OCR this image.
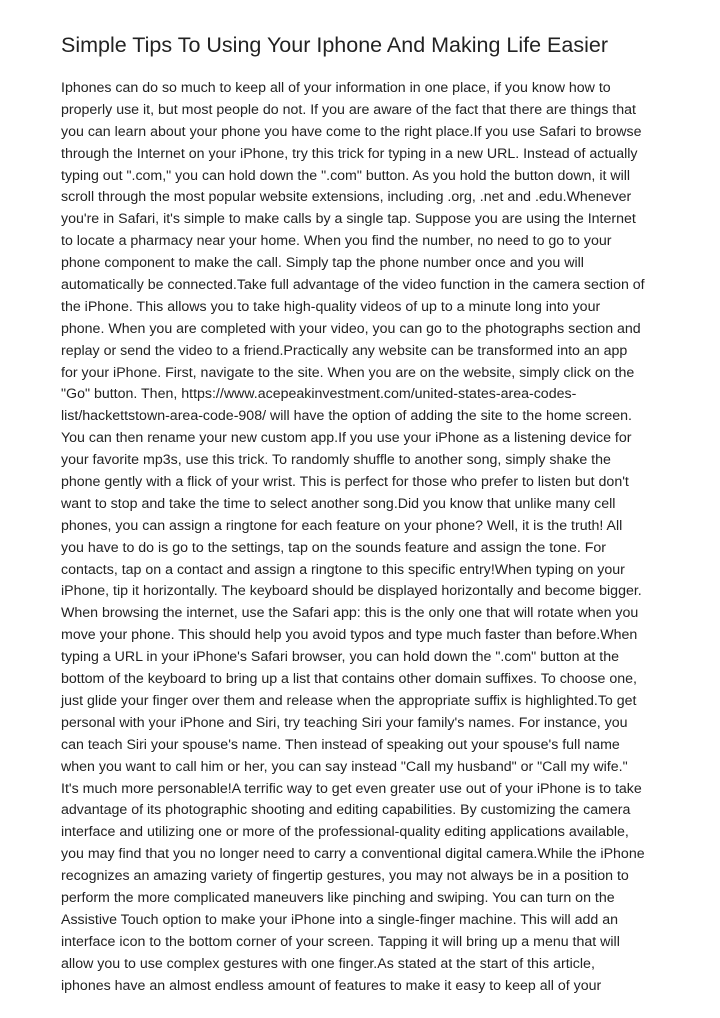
Simple Tips To Using Your Iphone And Making Life Easier
Iphones can do so much to keep all of your information in one place, if you know how to
properly use it, but most people do not. If you are aware of the fact that there are things that
you can learn about your phone you have come to the right place.If you use Safari to browse
through the Internet on your iPhone, try this trick for typing in a new URL. Instead of actually
typing out ".com," you can hold down the ".com" button. As you hold the button down, it will
scroll through the most popular website extensions, including .org, .net and .edu.Whenever
you're in Safari, it's simple to make calls by a single tap. Suppose you are using the Internet
to locate a pharmacy near your home. When you find the number, no need to go to your
phone component to make the call. Simply tap the phone number once and you will
automatically be connected.Take full advantage of the video function in the camera section of
the iPhone. This allows you to take high-quality videos of up to a minute long into your
phone. When you are completed with your video, you can go to the photographs section and
replay or send the video to a friend.Practically any website can be transformed into an app
for your iPhone. First, navigate to the site. When you are on the website, simply click on the
"Go" button. Then, https://www.acepeakinvestment.com/united-states-area-codes-
list/hackettstown-area-code-908/ will have the option of adding the site to the home screen.
You can then rename your new custom app.If you use your iPhone as a listening device for
your favorite mp3s, use this trick. To randomly shuffle to another song, simply shake the
phone gently with a flick of your wrist. This is perfect for those who prefer to listen but don't
want to stop and take the time to select another song.Did you know that unlike many cell
phones, you can assign a ringtone for each feature on your phone? Well, it is the truth! All
you have to do is go to the settings, tap on the sounds feature and assign the tone. For
contacts, tap on a contact and assign a ringtone to this specific entry!When typing on your
iPhone, tip it horizontally. The keyboard should be displayed horizontally and become bigger.
When browsing the internet, use the Safari app: this is the only one that will rotate when you
move your phone. This should help you avoid typos and type much faster than before.When
typing a URL in your iPhone's Safari browser, you can hold down the ".com" button at the
bottom of the keyboard to bring up a list that contains other domain suffixes. To choose one,
just glide your finger over them and release when the appropriate suffix is highlighted.To get
personal with your iPhone and Siri, try teaching Siri your family's names. For instance, you
can teach Siri your spouse's name. Then instead of speaking out your spouse's full name
when you want to call him or her, you can say instead "Call my husband" or "Call my wife."
It's much more personable!A terrific way to get even greater use out of your iPhone is to take
advantage of its photographic shooting and editing capabilities. By customizing the camera
interface and utilizing one or more of the professional-quality editing applications available,
you may find that you no longer need to carry a conventional digital camera.While the iPhone
recognizes an amazing variety of fingertip gestures, you may not always be in a position to
perform the more complicated maneuvers like pinching and swiping. You can turn on the
Assistive Touch option to make your iPhone into a single-finger machine. This will add an
interface icon to the bottom corner of your screen. Tapping it will bring up a menu that will
allow you to use complex gestures with one finger.As stated at the start of this article,
iphones have an almost endless amount of features to make it easy to keep all of your
